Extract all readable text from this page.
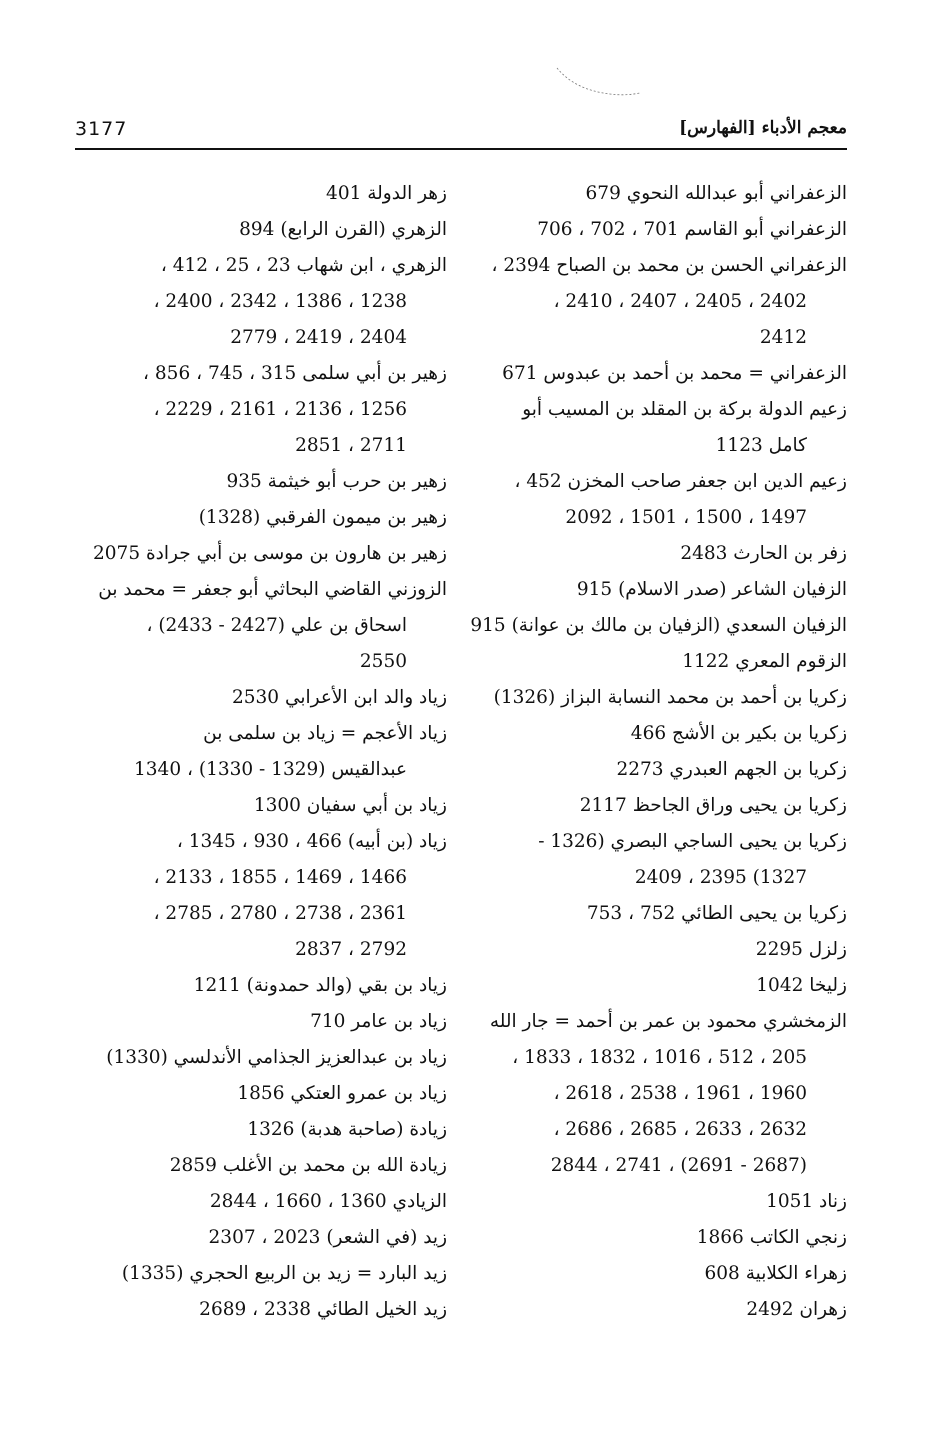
3177	معجم الأدباء [الفهارس]
الزعفراني أبو عبدالله النحوي 679
الزعفراني أبو القاسم 701 ، 702 ، 706
الزعفراني الحسن بن محمد بن الصباح 2394 ،
2402 ، 2405 ، 2407 ، 2410 ،
2412
الزعفراني = محمد بن أحمد بن عبدوس 671
زعيم الدولة بركة بن المقلد بن المسيب أبو
كامل 1123
زعيم الدين ابن جعفر صاحب المخزن 452 ،
1497 ، 1500 ، 1501 ، 2092
زفر بن الحارث 2483
الزفيان الشاعر (صدر الاسلام) 915
الزفيان السعدي (الزفيان بن مالك بن عوانة) 915
الزقوم المعري 1122
زكريا بن أحمد بن محمد النسابة البزاز (1326)
زكريا بن بكير بن الأشج 466
زكريا بن الجهم العبدري 2273
زكريا بن يحيى وراق الجاحظ 2117
زكريا بن يحيى الساجي البصري (1326 -
1327) 2395 ، 2409
زكريا بن يحيى الطائي 752 ، 753
زلزل 2295
زليخا 1042
الزمخشري محمود بن عمر بن أحمد = جار الله
205 ، 512 ، 1016 ، 1832 ، 1833 ،
1960 ، 1961 ، 2538 ، 2618 ،
2632 ، 2633 ، 2685 ، 2686 ،
(2687 - 2691) ، 2741 ، 2844
زناد 1051
زنجي الكاتب 1866
زهراء الكلابية 608
زهران 2492
زهر الدولة 401
الزهري (القرن الرابع) 894
الزهري ، ابن شهاب 23 ، 25 ، 412 ،
1238 ، 1386 ، 2342 ، 2400 ،
2404 ، 2419 ، 2779
زهير بن أبي سلمى 315 ، 745 ، 856 ،
1256 ، 2136 ، 2161 ، 2229 ،
2711 ، 2851
زهير بن حرب أبو خيثمة 935
زهير بن ميمون الفرقبي (1328)
زهير بن هارون بن موسى بن أبي جرادة 2075
الزوزني القاضي البحاثي أبو جعفر = محمد بن
اسحاق بن علي (2427 - 2433) ،
2550
زياد والد ابن الأعرابي 2530
زياد الأعجم = زياد بن سلمى بن
عبدالقيس (1329 - 1330) ، 1340
زياد بن أبي سفيان 1300
زياد (بن أبيه) 466 ، 930 ، 1345 ،
1466 ، 1469 ، 1855 ، 2133 ،
2361 ، 2738 ، 2780 ، 2785 ،
2792 ، 2837
زياد بن بقي (والد حمدونة) 1211
زياد بن عامر 710
زياد بن عبدالعزيز الجذامي الأندلسي (1330)
زياد بن عمرو العتكي 1856
زيادة (صاحبة هدبة) 1326
زيادة الله بن محمد بن الأغلب 2859
الزيادي 1360 ، 1660 ، 2844
زيد (في الشعر) 2023 ، 2307
زيد البارد = زيد بن الربيع الحجري (1335)
زيد الخيل الطائي 2338 ، 2689
